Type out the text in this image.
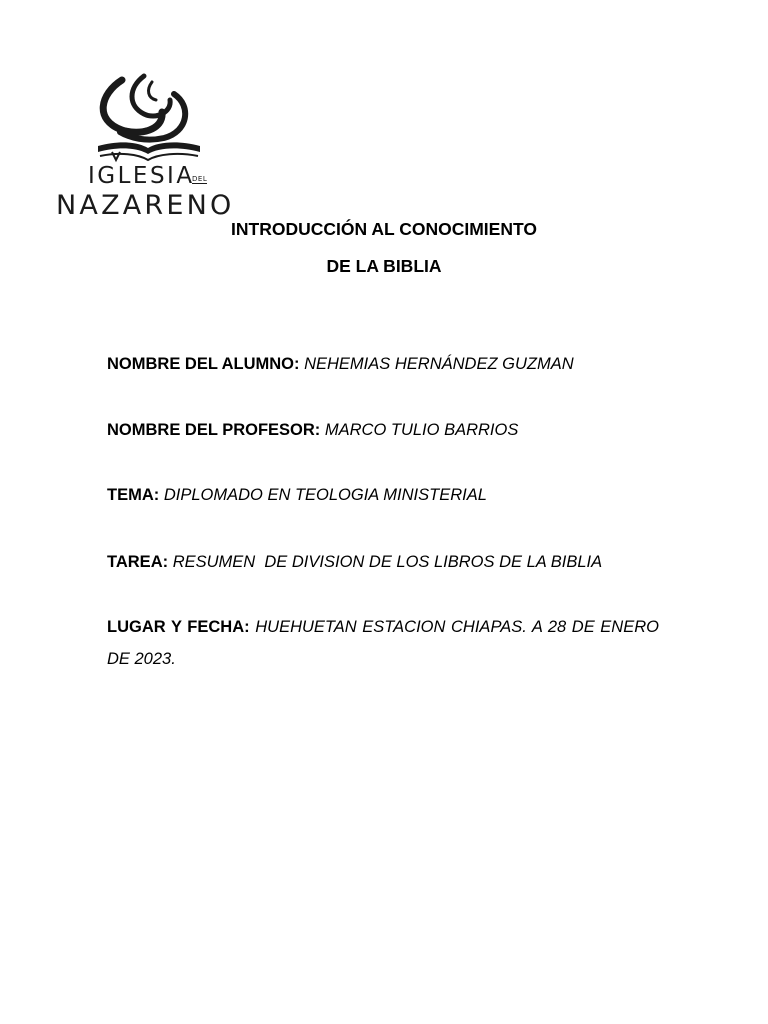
IGLESIA
DEL
NAZARENO
INTRODUCCIÓN AL CONOCIMIENTO
DE LA BIBLIA
NOMBRE DEL ALUMNO: NEHEMIAS HERNÁNDEZ GUZMAN
NOMBRE DEL PROFESOR: MARCO TULIO BARRIOS
TEMA: DIPLOMADO EN TEOLOGIA MINISTERIAL
TAREA: RESUMEN  DE DIVISION DE LOS LIBROS DE LA BIBLIA
LUGAR Y FECHA: HUEHUETAN ESTACION CHIAPAS. A 28 DE ENERO DE 2023.
